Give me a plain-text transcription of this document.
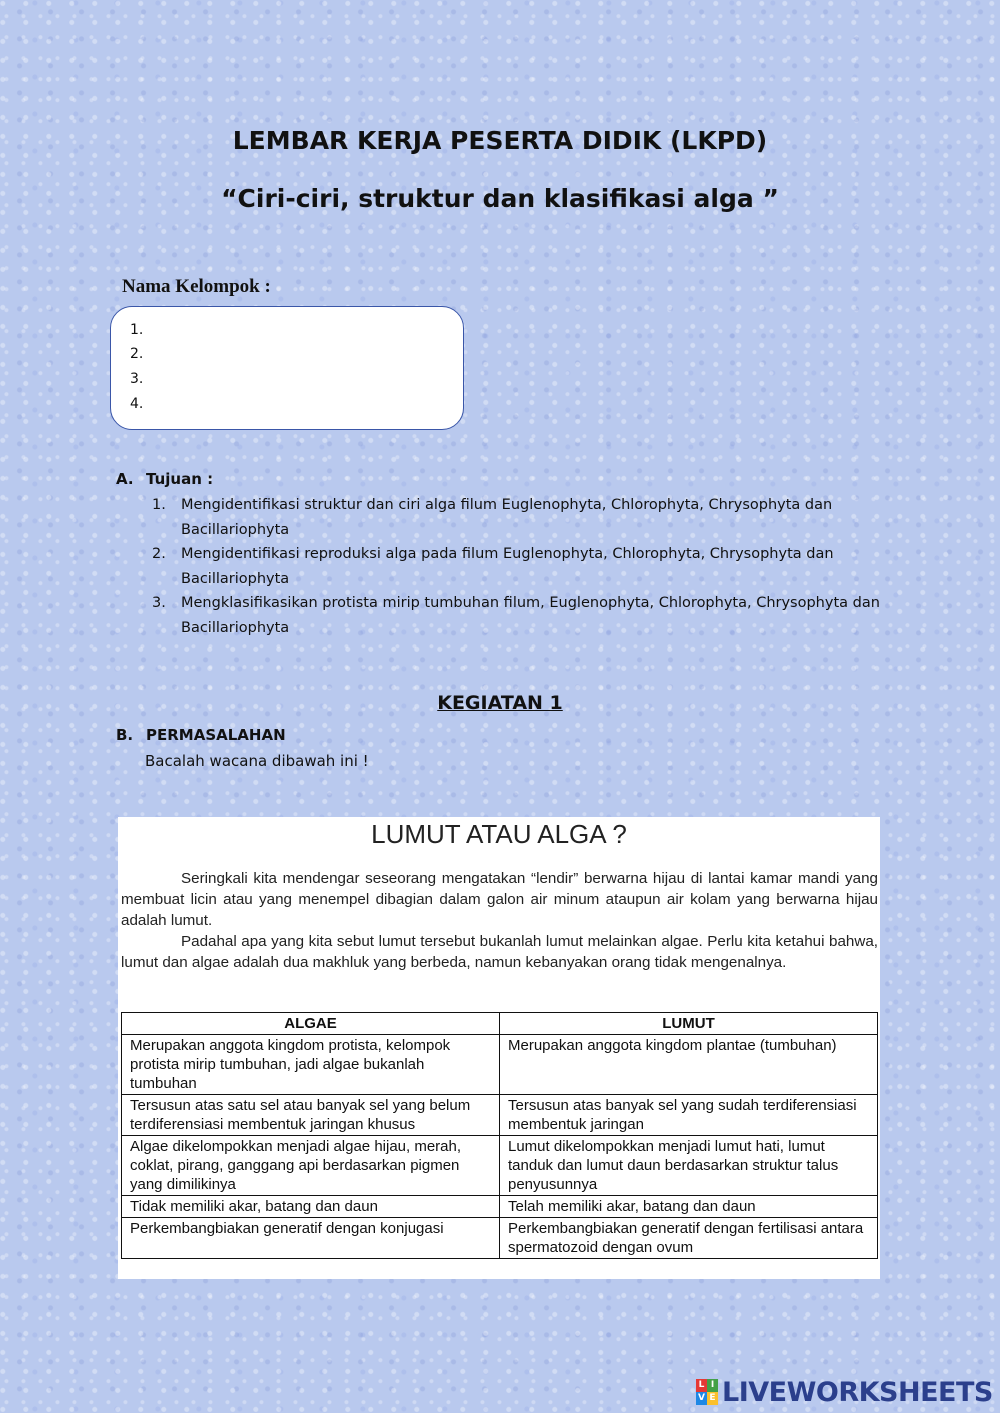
LEMBAR KERJA PESERTA DIDIK (LKPD)
“Ciri-ciri, struktur dan klasifikasi alga ”
Nama Kelompok :
1.
2.
3.
4.
A. Tujuan :
1.	Mengidentifikasi struktur dan ciri alga filum Euglenophyta, Chlorophyta, Chrysophyta dan Bacillariophyta
2.	Mengidentifikasi reproduksi alga pada filum Euglenophyta, Chlorophyta, Chrysophyta dan Bacillariophyta
3.	Mengklasifikasikan protista mirip tumbuhan filum, Euglenophyta, Chlorophyta, Chrysophyta dan Bacillariophyta
KEGIATAN 1
B. PERMASALAHAN
Bacalah wacana dibawah ini !
LUMUT ATAU ALGA ?
Seringkali kita mendengar seseorang mengatakan “lendir” berwarna hijau di lantai kamar mandi yang membuat licin atau yang menempel dibagian dalam galon air minum ataupun air kolam yang berwarna hijau adalah lumut.
Padahal apa yang kita sebut lumut tersebut bukanlah lumut melainkan algae. Perlu kita ketahui bahwa, lumut dan algae adalah dua makhluk yang berbeda, namun kebanyakan orang tidak mengenalnya.
ALGAE	LUMUT
Merupakan anggota kingdom protista, kelompok protista mirip tumbuhan, jadi algae bukanlah tumbuhan	Merupakan anggota kingdom plantae (tumbuhan)
Tersusun atas satu sel atau banyak sel yang belum terdiferensiasi membentuk jaringan khusus	Tersusun atas banyak sel yang sudah terdiferensiasi membentuk jaringan
Algae dikelompokkan menjadi algae hijau, merah, coklat, pirang, ganggang api berdasarkan pigmen yang dimilikinya	Lumut dikelompokkan menjadi lumut hati, lumut tanduk dan lumut daun berdasarkan struktur talus penyusunnya
Tidak memiliki akar, batang dan daun	Telah memiliki akar, batang dan daun
Perkembangbiakan generatif dengan konjugasi	Perkembangbiakan generatif dengan fertilisasi antara spermatozoid dengan ovum
L I
V E LIVEWORKSHEETS
